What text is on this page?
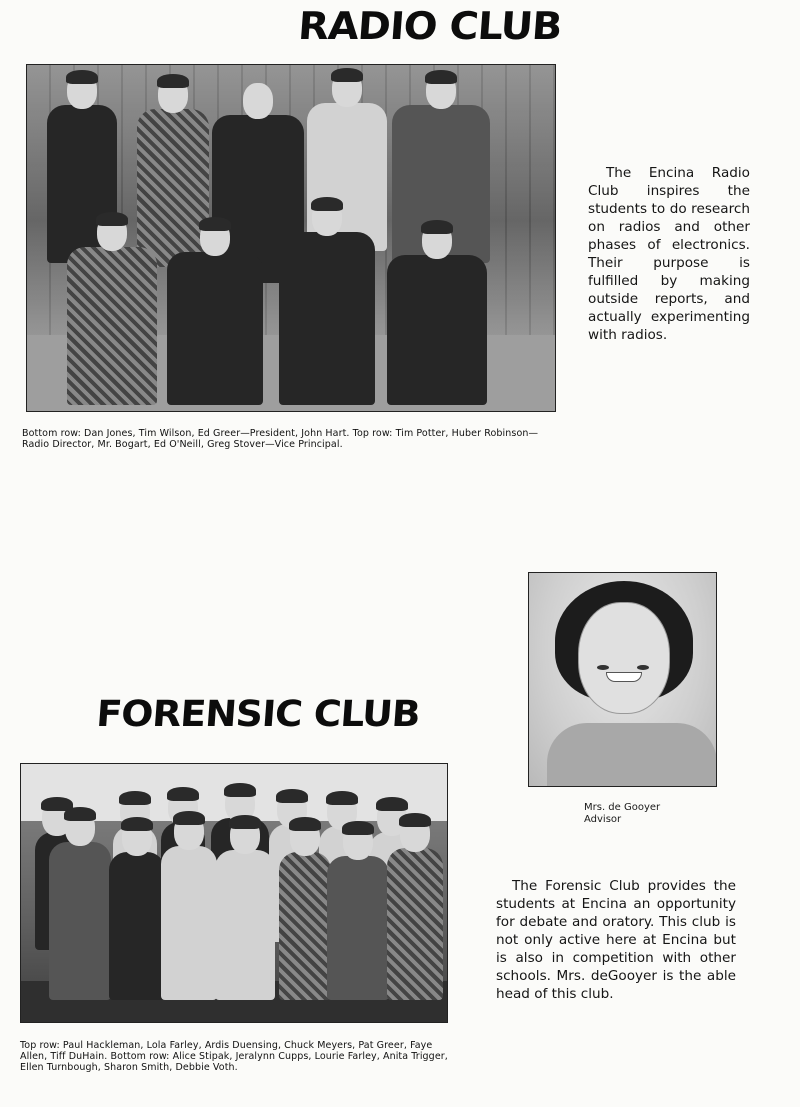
RADIO CLUB
The Encina Radio Club inspires the students to do research on radios and other phases of electronics. Their purpose is fulfilled by making outside reports, and actually experimenting with radios.
Bottom row: Dan Jones, Tim Wilson, Ed Greer—President, John Hart. Top row: Tim Potter, Huber Robinson—Radio Director, Mr. Bogart, Ed O'Neill, Greg Stover—Vice Principal.
Mrs. de Gooyer
Advisor
FORENSIC CLUB
The Forensic Club provides the students at Encina an opportunity for debate and oratory. This club is not only active here at Encina but is also in competition with other schools. Mrs. deGooyer is the able head of this club.
Top row: Paul Hackleman, Lola Farley, Ardis Duensing, Chuck Meyers, Pat Greer, Faye Allen, Tiff DuHain. Bottom row: Alice Stipak, Jeralynn Cupps, Lourie Farley, Anita Trigger, Ellen Turnbough, Sharon Smith, Debbie Voth.
